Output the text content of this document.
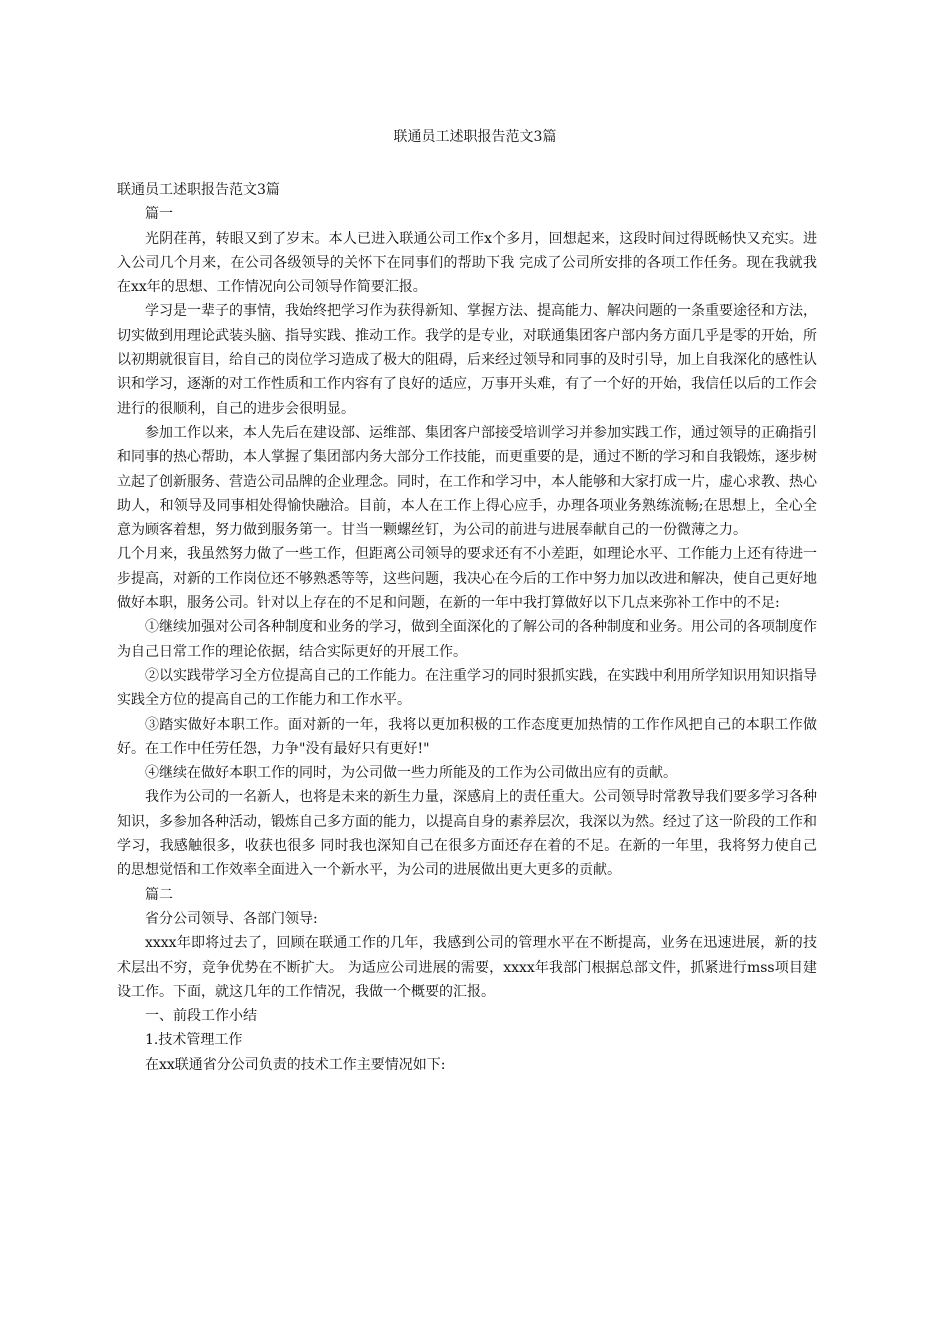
联通员工述职报告范文3篇

联通员工述职报告范文3篇

篇一

光阴荏苒，转眼又到了岁末。本人已进入联通公司工作x个多月，回想起来，这段时间过得既畅快又充实。进入公司几个月来，在公司各级领导的关怀下在同事们的帮助下我 完成了公司所安排的各项工作任务。现在我就我在xx年的思想、工作情况向公司领导作简要汇报。

学习是一辈子的事情，我始终把学习作为获得新知、掌握方法、提高能力、解决问题的一条重要途径和方法，切实做到用理论武装头脑、指导实践、推动工作。我学的是专业，对联通集团客户部内务方面几乎是零的开始，所以初期就很盲目，给自己的岗位学习造成了极大的阻碍，后来经过领导和同事的及时引导，加上自我深化的感性认识和学习，逐渐的对工作性质和工作内容有了良好的适应，万事开头难，有了一个好的开始，我信任以后的工作会进行的很顺利，自己的进步会很明显。

参加工作以来，本人先后在建设部、运维部、集团客户部接受培训学习并参加实践工作，通过领导的正确指引和同事的热心帮助，本人掌握了集团部内务大部分工作技能，而更重要的是，通过不断的学习和自我锻炼，逐步树立起了创新服务、营造公司品牌的企业理念。同时，在工作和学习中，本人能够和大家打成一片，虚心求教、热心助人，和领导及同事相处得愉快融洽。目前，本人在工作上得心应手，办理各项业务熟练流畅;在思想上，全心全意为顾客着想，努力做到服务第一。甘当一颗螺丝钉，为公司的前进与进展奉献自己的一份微薄之力。

几个月来，我虽然努力做了一些工作，但距离公司领导的要求还有不小差距，如理论水平、工作能力上还有待进一步提高，对新的工作岗位还不够熟悉等等，这些问题，我决心在今后的工作中努力加以改进和解决，使自己更好地做好本职，服务公司。针对以上存在的不足和问题，在新的一年中我打算做好以下几点来弥补工作中的不足:

①继续加强对公司各种制度和业务的学习，做到全面深化的了解公司的各种制度和业务。用公司的各项制度作为自己日常工作的理论依据，结合实际更好的开展工作。

②以实践带学习全方位提高自己的工作能力。在注重学习的同时狠抓实践，在实践中利用所学知识用知识指导实践全方位的提高自己的工作能力和工作水平。

③踏实做好本职工作。面对新的一年，我将以更加积极的工作态度更加热情的工作作风把自己的本职工作做好。在工作中任劳任怨，力争"没有最好只有更好!"

④继续在做好本职工作的同时，为公司做一些力所能及的工作为公司做出应有的贡献。

我作为公司的一名新人，也将是未来的新生力量，深感肩上的责任重大。公司领导时常教导我们要多学习各种知识，多参加各种活动，锻炼自己多方面的能力，以提高自身的素养层次，我深以为然。经过了这一阶段的工作和学习，我感触很多，收获也很多 同时我也深知自己在很多方面还存在着的不足。在新的一年里，我将努力使自己的思想觉悟和工作效率全面进入一个新水平，为公司的进展做出更大更多的贡献。

篇二

省分公司领导、各部门领导:

xxxx年即将过去了，回顾在联通工作的几年，我感到公司的管理水平在不断提高，业务在迅速进展，新的技术层出不穷，竞争优势在不断扩大。 为适应公司进展的需要，xxxx年我部门根据总部文件，抓紧进行mss项目建设工作。下面，就这几年的工作情况，我做一个概要的汇报。

一、前段工作小结

1.技术管理工作

在xx联通省分公司负责的技术工作主要情况如下:
